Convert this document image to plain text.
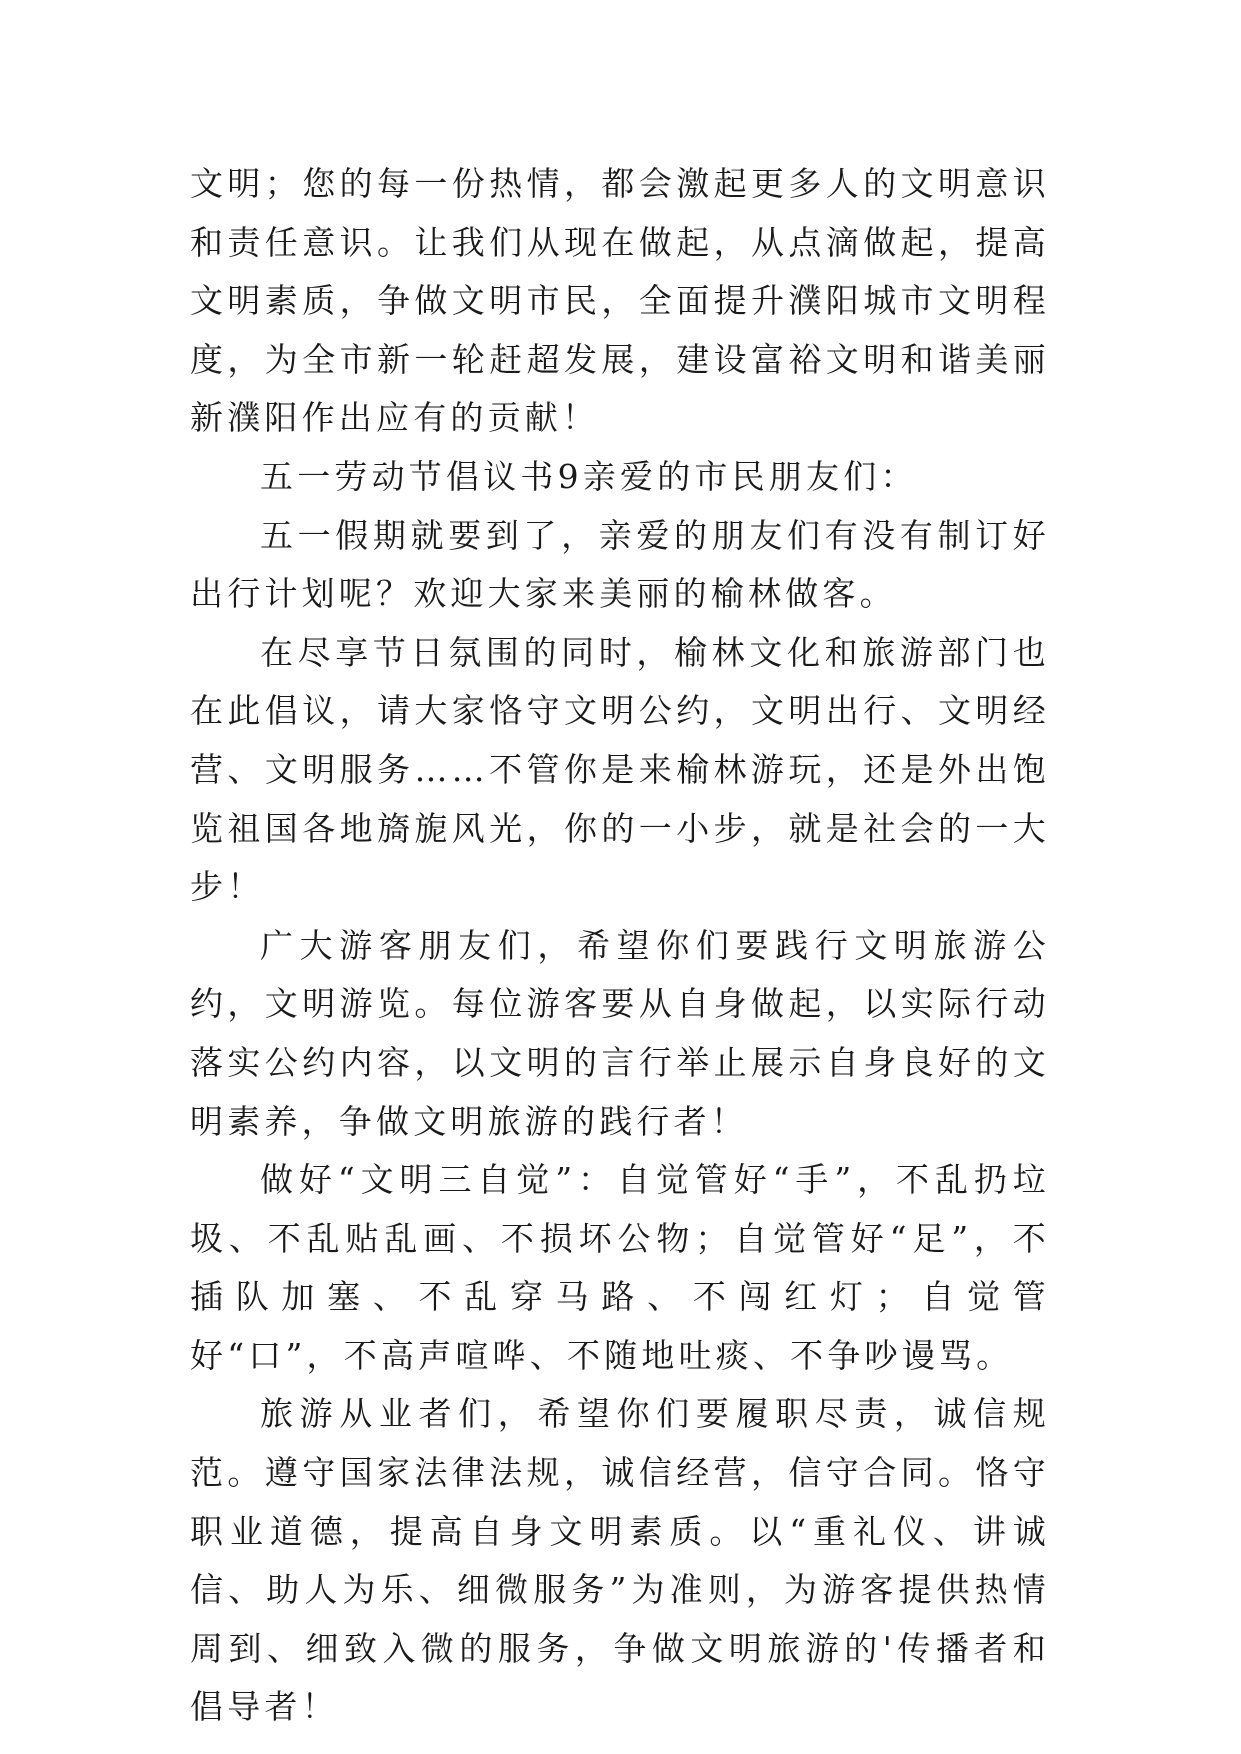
文明；您的每一份热情，都会激起更多人的文明意识和责任意识。让我们从现在做起，从点滴做起，提高文明素质，争做文明市民，全面提升濮阳城市文明程度，为全市新一轮赶超发展，建设富裕文明和谐美丽新濮阳作出应有的贡献！

五一劳动节倡议书9亲爱的市民朋友们：

五一假期就要到了，亲爱的朋友们有没有制订好出行计划呢？欢迎大家来美丽的榆林做客。

在尽享节日氛围的同时，榆林文化和旅游部门也在此倡议，请大家恪守文明公约，文明出行、文明经营、文明服务……不管你是来榆林游玩，还是外出饱览祖国各地旖旎风光，你的一小步，就是社会的一大步！

广大游客朋友们，希望你们要践行文明旅游公约，文明游览。每位游客要从自身做起，以实际行动落实公约内容，以文明的言行举止展示自身良好的文明素养，争做文明旅游的践行者！

做好“文明三自觉”：自觉管好“手”，不乱扔垃圾、不乱贴乱画、不损坏公物；自觉管好“足”，不插队加塞、不乱穿马路、不闯红灯；自觉管好“口”，不高声喧哗、不随地吐痰、不争吵谩骂。

旅游从业者们，希望你们要履职尽责，诚信规范。遵守国家法律法规，诚信经营，信守合同。恪守职业道德，提高自身文明素质。以“重礼仪、讲诚信、助人为乐、细微服务”为准则，为游客提供热情周到、细致入微的服务，争做文明旅游的'传播者和倡导者！
